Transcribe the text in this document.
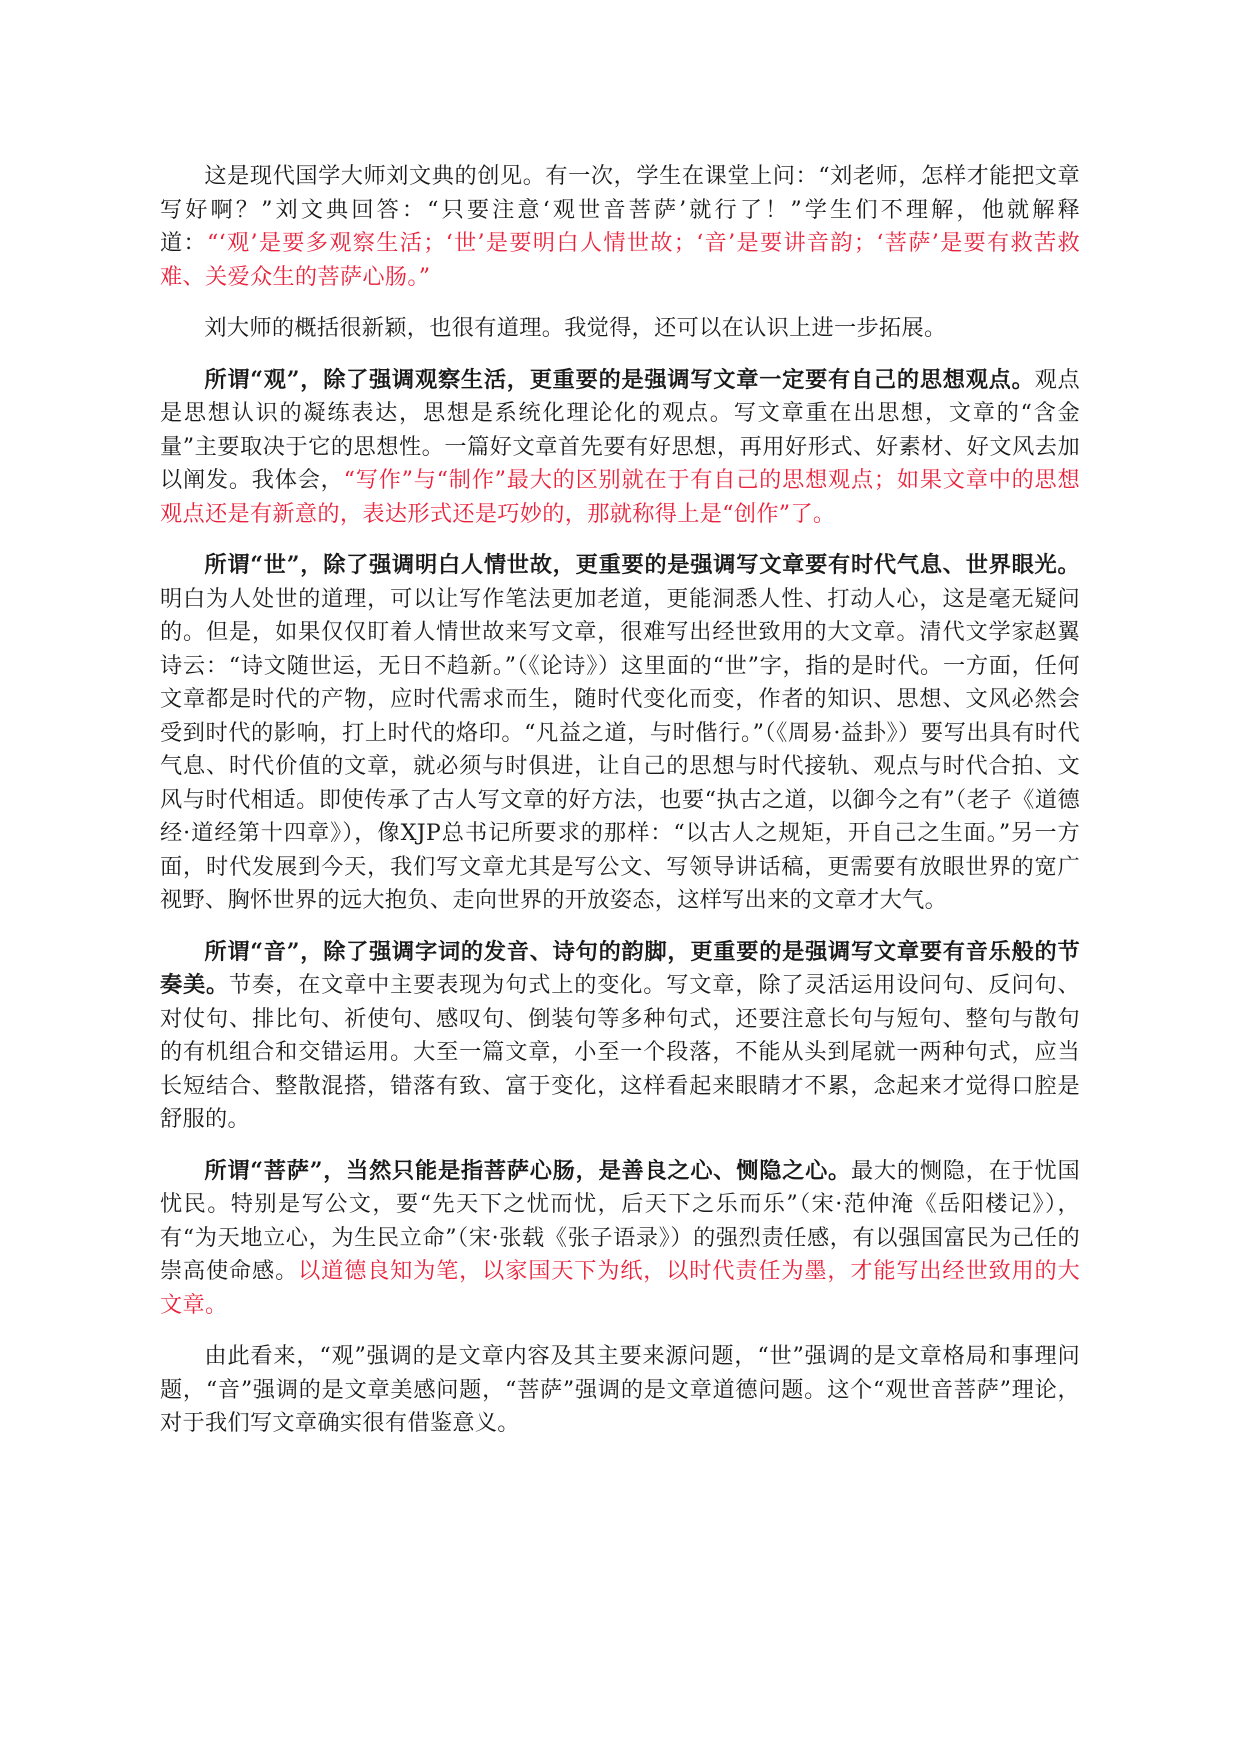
这是现代国学大师刘文典的创见。有一次，学生在课堂上问：“刘老师，怎样才能把文章写好啊？”刘文典回答：“只要注意‘观世音菩萨’就行了！”学生们不理解，他就解释道：“‘观’是要多观察生活；‘世’是要明白人情世故；‘音’是要讲音韵；‘菩萨’是要有救苦救难、关爱众生的菩萨心肠。”

刘大师的概括很新颖，也很有道理。我觉得，还可以在认识上进一步拓展。

所谓“观”，除了强调观察生活，更重要的是强调写文章一定要有自己的思想观点。观点是思想认识的凝练表达，思想是系统化理论化的观点。写文章重在出思想，文章的“含金量”主要取决于它的思想性。一篇好文章首先要有好思想，再用好形式、好素材、好文风去加以阐发。我体会，“写作”与“制作”最大的区别就在于有自己的思想观点；如果文章中的思想观点还是有新意的，表达形式还是巧妙的，那就称得上是“创作”了。

所谓“世”，除了强调明白人情世故，更重要的是强调写文章要有时代气息、世界眼光。明白为人处世的道理，可以让写作笔法更加老道，更能洞悉人性、打动人心，这是毫无疑问的。但是，如果仅仅盯着人情世故来写文章，很难写出经世致用的大文章。清代文学家赵翼诗云：“诗文随世运，无日不趋新。”（《论诗》）这里面的“世”字，指的是时代。一方面，任何文章都是时代的产物，应时代需求而生，随时代变化而变，作者的知识、思想、文风必然会受到时代的影响，打上时代的烙印。“凡益之道，与时偕行。”（《周易·益卦》）要写出具有时代气息、时代价值的文章，就必须与时俱进，让自己的思想与时代接轨、观点与时代合拍、文风与时代相适。即使传承了古人写文章的好方法，也要“执古之道，以御今之有”（老子《道德经·道经第十四章》），像XJP总书记所要求的那样：“以古人之规矩，开自己之生面。”另一方面，时代发展到今天，我们写文章尤其是写公文、写领导讲话稿，更需要有放眼世界的宽广视野、胸怀世界的远大抱负、走向世界的开放姿态，这样写出来的文章才大气。

所谓“音”，除了强调字词的发音、诗句的韵脚，更重要的是强调写文章要有音乐般的节奏美。节奏，在文章中主要表现为句式上的变化。写文章，除了灵活运用设问句、反问句、对仗句、排比句、祈使句、感叹句、倒装句等多种句式，还要注意长句与短句、整句与散句的有机组合和交错运用。大至一篇文章，小至一个段落，不能从头到尾就一两种句式，应当长短结合、整散混搭，错落有致、富于变化，这样看起来眼睛才不累，念起来才觉得口腔是舒服的。

所谓“菩萨”，当然只能是指菩萨心肠，是善良之心、恻隐之心。最大的恻隐，在于忧国忧民。特别是写公文，要“先天下之忧而忧，后天下之乐而乐”（宋·范仲淹《岳阳楼记》），有“为天地立心，为生民立命”（宋·张载《张子语录》）的强烈责任感，有以强国富民为己任的崇高使命感。以道德良知为笔，以家国天下为纸，以时代责任为墨，才能写出经世致用的大文章。

由此看来，“观”强调的是文章内容及其主要来源问题，“世”强调的是文章格局和事理问题，“音”强调的是文章美感问题，“菩萨”强调的是文章道德问题。这个“观世音菩萨”理论，对于我们写文章确实很有借鉴意义。
